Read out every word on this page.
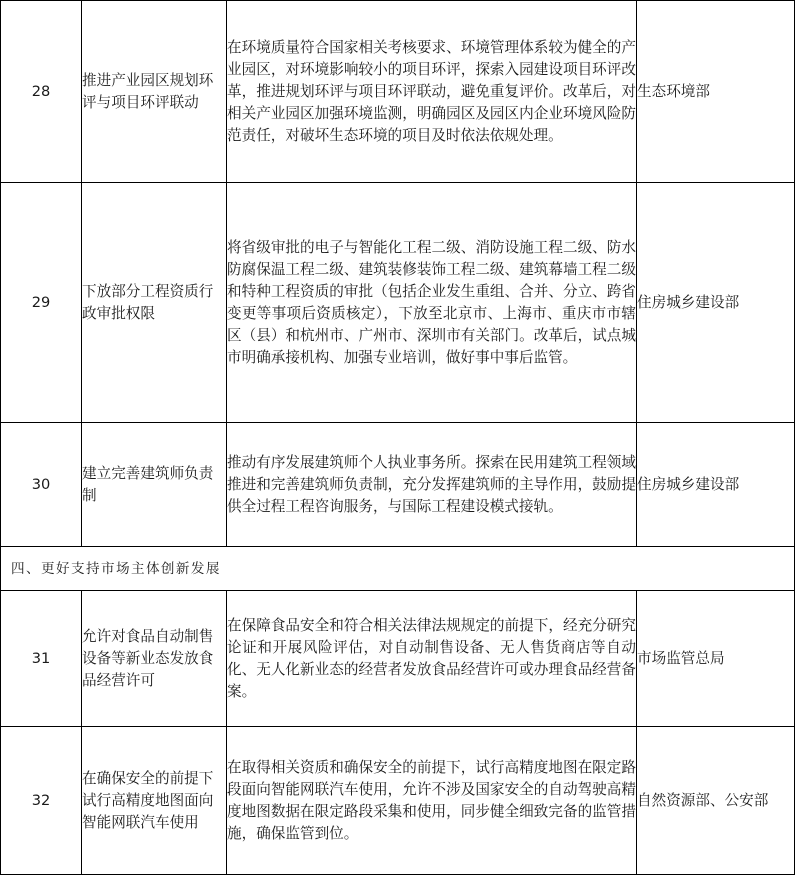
28	推进产业园区规划环评与项目环评联动	在环境质量符合国家相关考核要求、环境管理体系较为健全的产业园区，对环境影响较小的项目环评，探索入园建设项目环评改革，推进规划环评与项目环评联动，避免重复评价。改革后，对相关产业园区加强环境监测，明确园区及园区内企业环境风险防范责任，对破坏生态环境的项目及时依法依规处理。	生态环境部
29	下放部分工程资质行政审批权限	将省级审批的电子与智能化工程二级、消防设施工程二级、防水防腐保温工程二级、建筑装修装饰工程二级、建筑幕墙工程二级和特种工程资质的审批（包括企业发生重组、合并、分立、跨省变更等事项后资质核定），下放至北京市、上海市、重庆市市辖区（县）和杭州市、广州市、深圳市有关部门。改革后，试点城市明确承接机构、加强专业培训，做好事中事后监管。	住房城乡建设部
30	建立完善建筑师负责制	推动有序发展建筑师个人执业事务所。探索在民用建筑工程领域推进和完善建筑师负责制，充分发挥建筑师的主导作用，鼓励提供全过程工程咨询服务，与国际工程建设模式接轨。	住房城乡建设部
四、更好支持市场主体创新发展			
31	允许对食品自动制售设备等新业态发放食品经营许可	在保障食品安全和符合相关法律法规规定的前提下，经充分研究论证和开展风险评估，对自动制售设备、无人售货商店等自动化、无人化新业态的经营者发放食品经营许可或办理食品经营备案。	市场监管总局
32	在确保安全的前提下试行高精度地图面向智能网联汽车使用	在取得相关资质和确保安全的前提下，试行高精度地图在限定路段面向智能网联汽车使用，允许不涉及国家安全的自动驾驶高精度地图数据在限定路段采集和使用，同步健全细致完备的监管措施，确保监管到位。	自然资源部、公安部
